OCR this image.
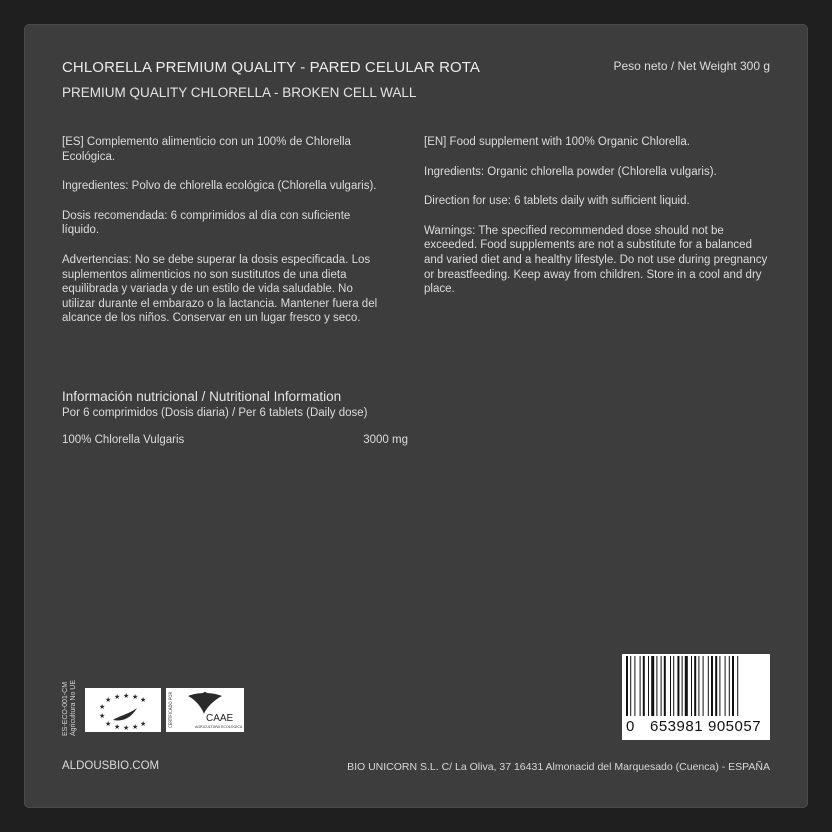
CHLORELLA PREMIUM QUALITY - PARED CELULAR ROTA
PREMIUM QUALITY CHLORELLA - BROKEN CELL WALL
Peso neto / Net Weight 300 g

[ES] Complemento alimenticio con un 100% de Chlorella Ecológica.

Ingredientes: Polvo de chlorella ecológica (Chlorella vulgaris).

Dosis recomendada: 6 comprimidos al día con suficiente líquido.

Advertencias: No se debe superar la dosis especificada. Los suplementos alimenticios no son sustitutos de una dieta equilibrada y variada y de un estilo de vida saludable. No utilizar durante el embarazo o la lactancia. Mantener fuera del alcance de los niños. Conservar en un lugar fresco y seco.

[EN] Food supplement with 100% Organic Chlorella.

Ingredients: Organic chlorella powder (Chlorella vulgaris).

Direction for use: 6 tablets daily with sufficient liquid.

Warnings: The specified recommended dose should not be exceeded. Food supplements are not a substitute for a balanced and varied diet and a healthy lifestyle. Do not use during pregnancy or breastfeeding. Keep away from children. Store in a cool and dry place.

Información nutricional / Nutritional Information
Por 6 comprimidos (Dosis diaria) / Per 6 tablets (Daily dose)
100% Chlorella Vulgaris	3000 mg
ES-ECO-001-CM Agricultura No UE	★ ★ ★ ★ ★
★
★
★ ★ ★ ★ ★	CERTIFICADO POR	CAAE
AGRICULTURA ECOLÓGICA	0 653981 905057
ALDOUSBIO.COM	BIO UNICORN S.L. C/ La Oliva, 37 16431 Almonacid del Marquesado (Cuenca) - ESPAÑA
